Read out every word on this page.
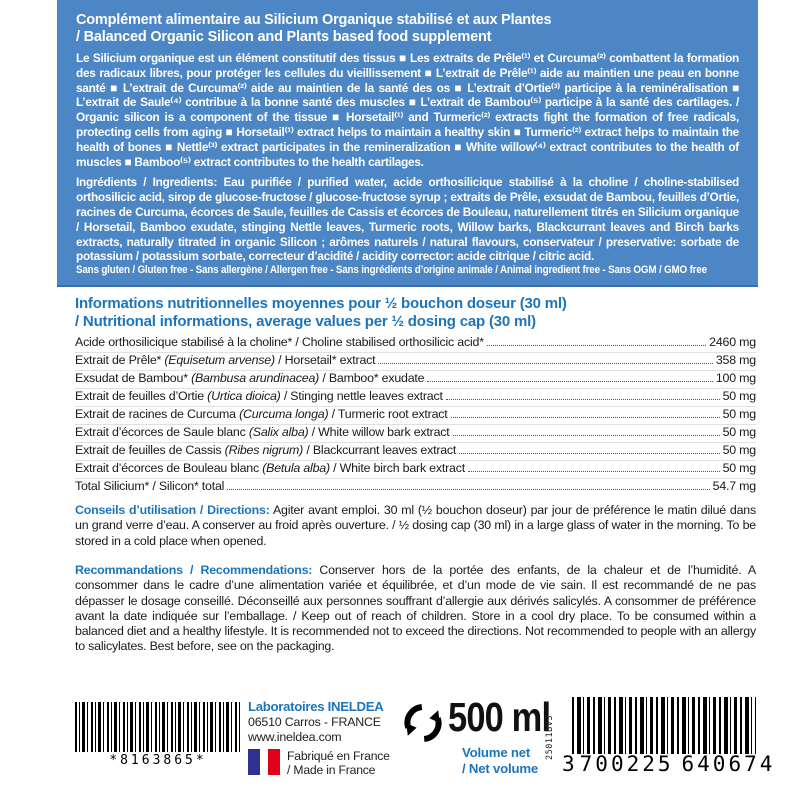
Complément alimentaire au Silicium Organique stabilisé et aux Plantes
/ Balanced Organic Silicon and Plants based food supplement
Le Silicium organique est un élément constitutif des tissus ■ Les extraits de Prêle⁽¹⁾ et Curcuma⁽²⁾ combattent la formation des radicaux libres, pour protéger les cellules du vieillissement ■ L’extrait de Prêle⁽¹⁾ aide au maintien une peau en bonne santé ■ L’extrait de Curcuma⁽²⁾ aide au maintien de la santé des os ■ L’extrait d’Ortie⁽³⁾ participe à la reminéralisation ■ L’extrait de Saule⁽⁴⁾ contribue à la bonne santé des muscles ■ L’extrait de Bambou⁽⁵⁾ participe à la santé des cartilages. / Organic silicon is a component of the tissue ■ Horsetail⁽¹⁾ and Turmeric⁽²⁾ extracts fight the formation of free radicals, protecting cells from aging ■ Horsetail⁽¹⁾ extract helps to maintain a healthy skin ■ Turmeric⁽²⁾ extract helps to maintain the health of bones ■ Nettle⁽³⁾ extract participates in the remineralization ■ White willow⁽⁴⁾ extract contributes to the health of muscles ■ Bamboo⁽⁵⁾ extract contributes to the health cartilages.
Ingrédients / Ingredients: Eau purifiée / purified water, acide orthosilicique stabilisé à la choline / choline-stabilised orthosilicic acid, sirop de glucose-fructose / glucose-fructose syrup ; extraits de Prêle, exsudat de Bambou, feuilles d’Ortie, racines de Curcuma, écorces de Saule, feuilles de Cassis et écorces de Bouleau, naturellement titrés en Silicium organique / Horsetail, Bamboo exudate, stinging Nettle leaves, Turmeric roots, Willow barks, Blackcurrant leaves and Birch barks extracts, naturally titrated in organic Silicon ; arômes naturels / natural flavours, conservateur / preservative: sorbate de potassium / potassium sorbate, correcteur d’acidité / acidity corrector: acide citrique / citric acid.
Sans gluten / Gluten free - Sans allergène / Allergen free - Sans ingrédients d’origine animale / Animal ingredient free - Sans OGM / GMO free
Informations nutritionnelles moyennes pour ½ bouchon doseur (30 ml)
/ Nutritional informations, average values per ½ dosing cap (30 ml)
Acide orthosilicique stabilisé à la choline* / Choline stabilised orthosilicic acid*	2460 mg
Extrait de Prêle* (Equisetum arvense) / Horsetail* extract	358 mg
Exsudat de Bambou* (Bambusa arundinacea) / Bamboo* exudate	100 mg
Extrait de feuilles d’Ortie (Urtica dioica) / Stinging nettle leaves extract	50 mg
Extrait de racines de Curcuma (Curcuma longa) / Turmeric root extract	50 mg
Extrait d’écorces de Saule blanc (Salix alba) / White willow bark extract	50 mg
Extrait de feuilles de Cassis (Ribes nigrum) / Blackcurrant leaves extract	50 mg
Extrait d’écorces de Bouleau blanc (Betula alba) / White birch bark extract	50 mg
Total Silicium* / Silicon* total	54.7 mg
Conseils d’utilisation / Directions: Agiter avant emploi. 30 ml (½ bouchon doseur) par jour de préférence le matin dilué dans un grand verre d’eau. A conserver au froid après ouverture. / ½ dosing cap (30 ml) in a large glass of water in the morning. To be stored in a cold place when opened.
Recommandations / Recommendations: Conserver hors de la portée des enfants, de la chaleur et de l’humidité. A consommer dans le cadre d’une alimentation variée et équilibrée, et d’un mode de vie sain. Il est recommandé de ne pas dépasser le dosage conseillé. Déconseillé aux personnes souffrant d’allergie aux dérivés salicylés. A consommer de préférence avant la date indiquée sur l’emballage. / Keep out of reach of children. Store in a cool dry place. To be consumed within a balanced diet and a healthy lifestyle. It is recommended not to exceed the directions. Not recommended to people with an allergy to salicylates. Best before, see on the packaging.
*8163865*
Laboratoires INELDEA
06510 Carros - FRANCE
www.ineldea.com
Fabriqué en France
/ Made in France
500 ml
Volume net
/ Net volume
25011BV3
3 700225 640674
